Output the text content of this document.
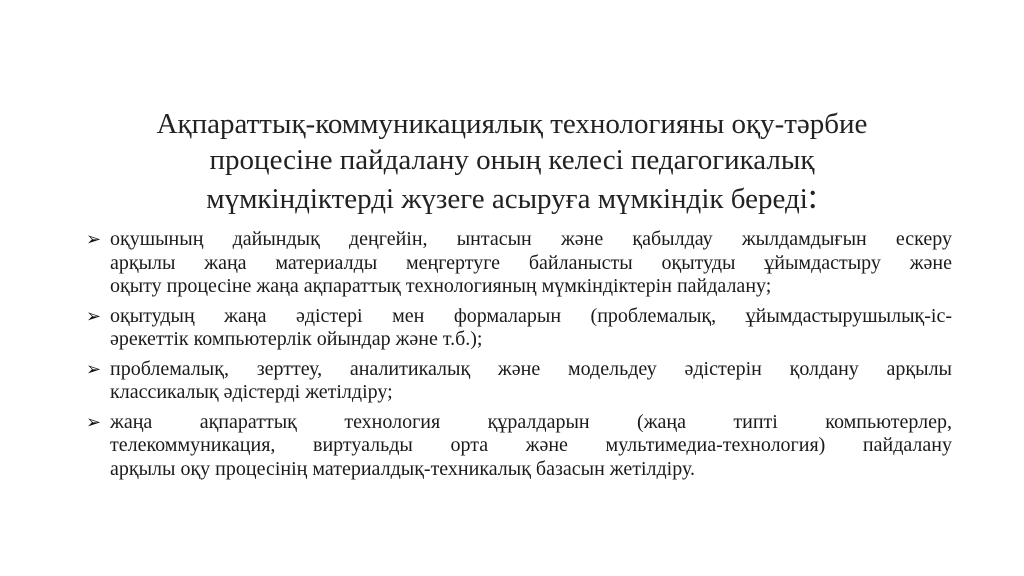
Ақпараттық-коммуникациялық технологияны оқу-тәрбие
процесіне пайдалану оның келесі педагогикалық
мүмкіндіктерді жүзеге асыруға мүмкіндік береді:
➢ оқушының дайындық деңгейін, ынтасын және қабылдау жылдамдығын ескеру
арқылы жаңа материалды меңгертуге байланысты оқытуды ұйымдастыру және
оқыту процесіне жаңа ақпараттық технологияның мүмкіндіктерін пайдалану;
➢ оқытудың жаңа әдістері мен формаларын (проблемалық, ұйымдастырушылық-іс-
әрекеттік компьютерлік ойындар және т.б.);
➢ проблемалық, зерттеу, аналитикалық және модельдеу әдістерін қолдану арқылы
классикалық әдістерді жетілдіру;
➢ жаңа ақпараттық технология құралдарын (жаңа типті компьютерлер,
телекоммуникация, виртуальды орта және мультимедиа-технология) пайдалану
арқылы оқу процесінің материалдық-техникалық базасын жетілдіру.
